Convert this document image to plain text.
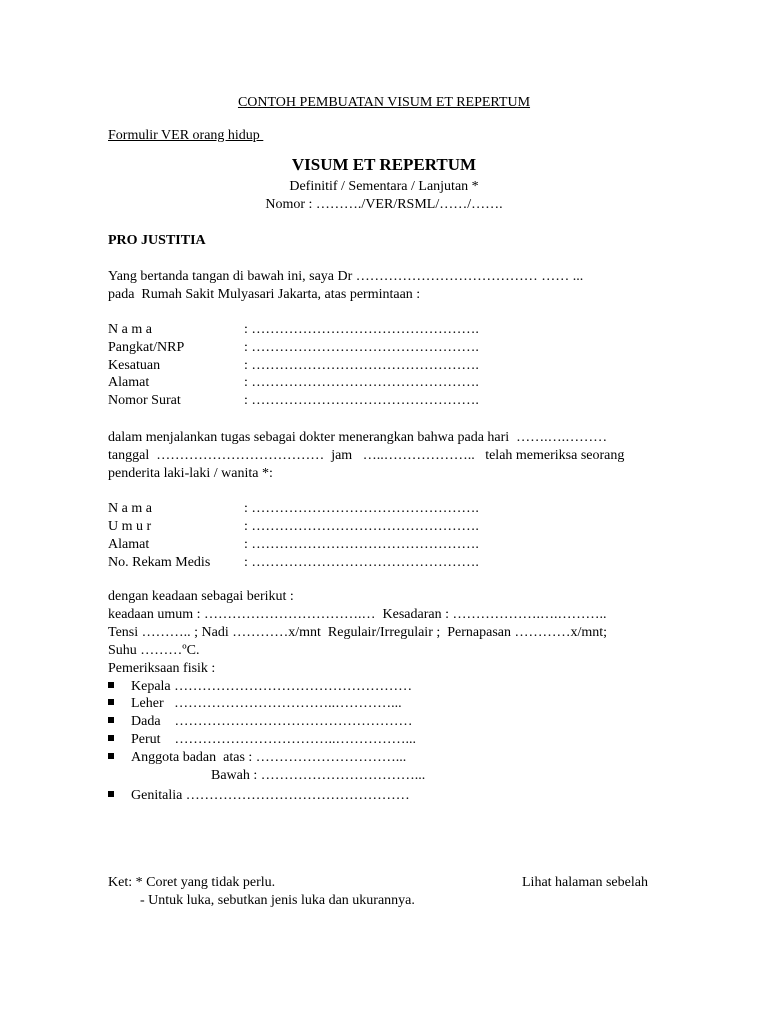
CONTOH PEMBUATAN VISUM ET REPERTUM
Formulir VER orang hidup
VISUM ET REPERTUM
Definitif / Sementara / Lanjutan *
Nomor : ………./VER/RSML/……/…….
PRO JUSTITIA
Yang bertanda tangan di bawah ini, saya Dr ………………………………… …… ...
pada  Rumah Sakit Mulyasari Jakarta, atas permintaan :
N a m a	: ………………………………………….
Pangkat/NRP	: ………………………………………….
Kesatuan	: ………………………………………….
Alamat	: ………………………………………….
Nomor Surat	: ………………………………………….
dalam menjalankan tugas sebagai dokter menerangkan bahwa pada hari  …….….………
tanggal  ………………………………  jam   …..………………..   telah memeriksa seorang
penderita laki-laki / wanita *:
N a m a	: ………………………………………….
U m u r	: ………………………………………….
Alamat	: ………………………………………….
No. Rekam Medis : ………………………………………….
dengan keadaan sebagai berikut :
keadaan umum : …………………………….…  Kesadaran : ……………….….………..
Tensi ……….. ; Nadi …………x/mnt  Regulair/Irregulair ;  Pernapasan …………x/mnt;
Suhu ………ºC.
Pemeriksaan fisik :
Kepala ……………………………………………
Leher   ……………………………..…………...
Dada    ……………………………………………
Perut    ……………………………..……………...
Anggota badan  atas : …………………………...
Bawah : ……………………………...
Genitalia …………………………………………
Ket: * Coret yang tidak perlu.	Lihat halaman sebelah
- Untuk luka, sebutkan jenis luka dan ukurannya.
